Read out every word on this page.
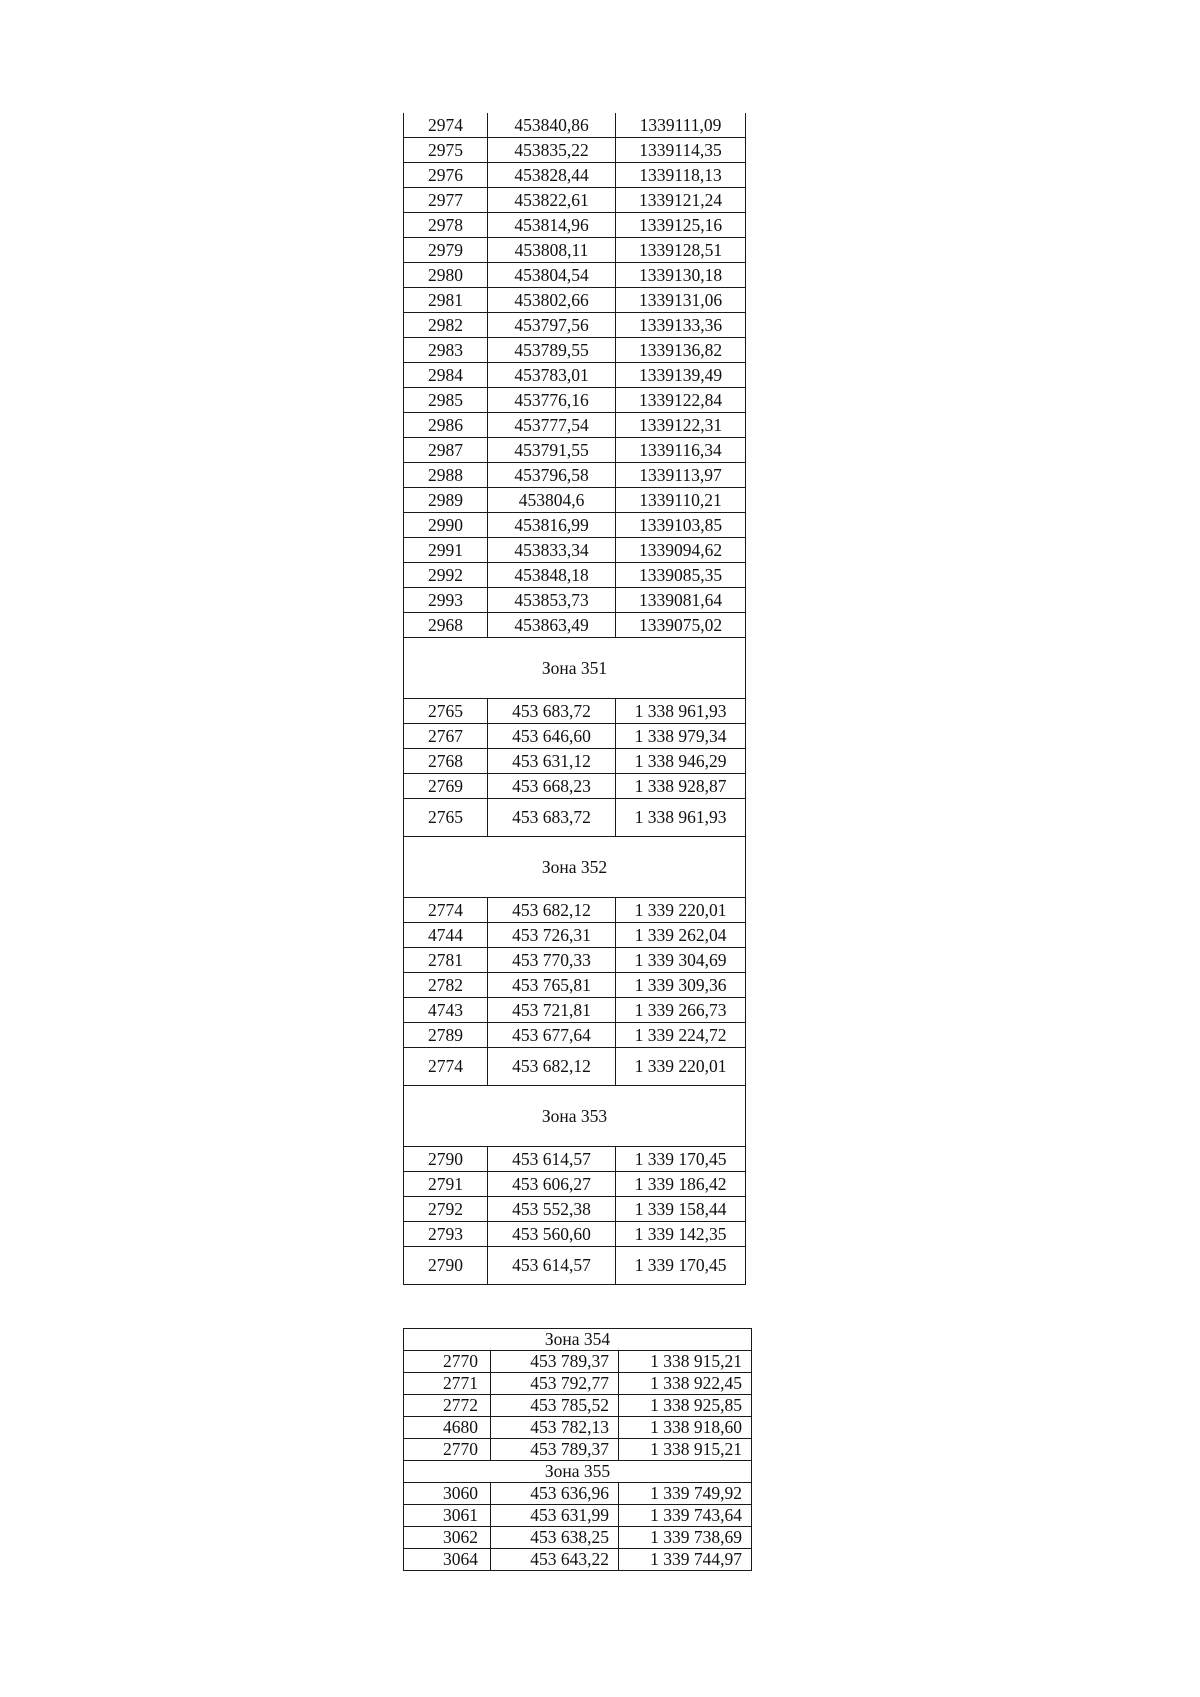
2974	453840,86	1339111,09
2975	453835,22	1339114,35
2976	453828,44	1339118,13
2977	453822,61	1339121,24
2978	453814,96	1339125,16
2979	453808,11	1339128,51
2980	453804,54	1339130,18
2981	453802,66	1339131,06
2982	453797,56	1339133,36
2983	453789,55	1339136,82
2984	453783,01	1339139,49
2985	453776,16	1339122,84
2986	453777,54	1339122,31
2987	453791,55	1339116,34
2988	453796,58	1339113,97
2989	453804,6	1339110,21
2990	453816,99	1339103,85
2991	453833,34	1339094,62
2992	453848,18	1339085,35
2993	453853,73	1339081,64
2968	453863,49	1339075,02
Зона 351		
2765	453 683,72	1 338 961,93
2767	453 646,60	1 338 979,34
2768	453 631,12	1 338 946,29
2769	453 668,23	1 338 928,87
2765	453 683,72	1 338 961,93
Зона 352		
2774	453 682,12	1 339 220,01
4744	453 726,31	1 339 262,04
2781	453 770,33	1 339 304,69
2782	453 765,81	1 339 309,36
4743	453 721,81	1 339 266,73
2789	453 677,64	1 339 224,72
2774	453 682,12	1 339 220,01
Зона 353		
2790	453 614,57	1 339 170,45
2791	453 606,27	1 339 186,42
2792	453 552,38	1 339 158,44
2793	453 560,60	1 339 142,35
2790	453 614,57	1 339 170,45
Зона 354		
2770	453 789,37	1 338 915,21
2771	453 792,77	1 338 922,45
2772	453 785,52	1 338 925,85
4680	453 782,13	1 338 918,60
2770	453 789,37	1 338 915,21
Зона 355		
3060	453 636,96	1 339 749,92
3061	453 631,99	1 339 743,64
3062	453 638,25	1 339 738,69
3064	453 643,22	1 339 744,97
